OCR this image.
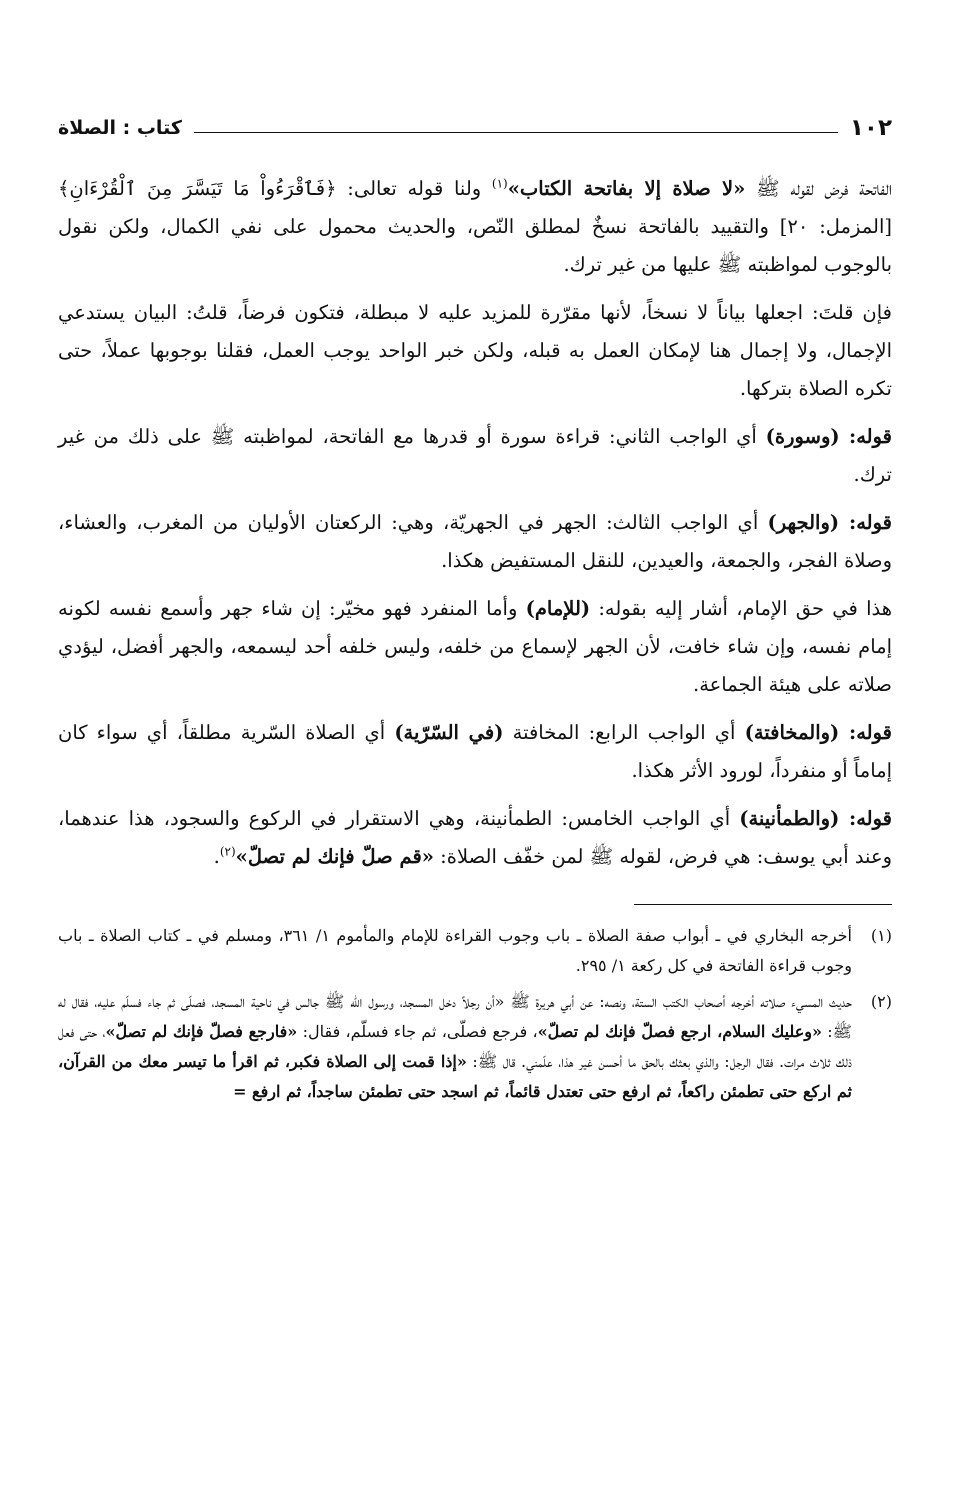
١٠٢
كتاب : الصلاة

الفاتحة فرض لقوله ﷺ «لا صلاة إلا بفاتحة الكتاب»$^{(١)}$ ولنا قوله تعالى: ﴿فَٱقْرَءُواْ مَا تَيَسَّرَ مِنَ ٱلْقُرْءَانِ﴾ [المزمل: ٢٠] والتقييد بالفاتحة نسخٌ لمطلق النّص، والحديث محمول على نفي الكمال، ولكن نقول بالوجوب لمواظبته ﷺ عليها من غير ترك.

فإن قلتَ: اجعلها بياناً لا نسخاً، لأنها مقرّرة للمزيد عليه لا مبطلة، فتكون فرضاً، قلتُ: البيان يستدعي الإجمال، ولا إجمال هنا لإمكان العمل به قبله، ولكن خبر الواحد يوجب العمل، فقلنا بوجوبها عملاً، حتى تكره الصلاة بتركها.

قوله: (وسورة) أي الواجب الثاني: قراءة سورة أو قدرها مع الفاتحة، لمواظبته ﷺ على ذلك من غير ترك.

قوله: (والجهر) أي الواجب الثالث: الجهر في الجهريّة، وهي: الركعتان الأوليان من المغرب، والعشاء، وصلاة الفجر، والجمعة، والعيدين، للنقل المستفيض هكذا.

هذا في حق الإمام، أشار إليه بقوله: (للإمام) وأما المنفرد فهو مخيّر: إن شاء جهر وأسمع نفسه لكونه إمام نفسه، وإن شاء خافت، لأن الجهر لإسماع من خلفه، وليس خلفه أحد ليسمعه، والجهر أفضل، ليؤدي صلاته على هيئة الجماعة.

قوله: (والمخافتة) أي الواجب الرابع: المخافتة (في السّرّية) أي الصلاة السّرية مطلقاً، أي سواء كان إماماً أو منفرداً، لورود الأثر هكذا.

قوله: (والطمأنينة) أي الواجب الخامس: الطمأنينة، وهي الاستقرار في الركوع والسجود، هذا عندهما، وعند أبي يوسف: هي فرض، لقوله ﷺ لمن خفّف الصلاة: «قم صلّ فإنك لم تصلّ»$^{(٢)}$.

(١)

أخرجه البخاري في ـ أبواب صفة الصلاة ـ باب وجوب القراءة للإمام والمأموم ١/ ٣٦١، ومسلم في ـ كتاب الصلاة ـ باب وجوب قراءة الفاتحة في كل ركعة ١/ ٢٩٥.

(٢)

حديث المسيء صلاته أخرجه أصحاب الكتب الستة، ونصه: عن أبي هريرة ﷺ «أن رجلاً دخل المسجد، ورسول الله ﷺ جالس في ناحية المسجد، فصلّى ثم جاء فسلّم عليه، فقال له ﷺ: «وعليك السلام، ارجع فصلّ فإنك لم تصلّ»، فرجع فصلّى، ثم جاء فسلّم، فقال: «فارجع فصلّ فإنك لم تصلّ»، حتى فعل ذلك ثلاث مرات. فقال الرجل: والذي بعثك بالحق ما أحسن غير هذا، علّمني. قال ﷺ: «إذا قمت إلى الصلاة فكبر، ثم اقرأ ما تيسر معك من القرآن، ثم اركع حتى تطمئن راكعاً، ثم ارفع حتى تعتدل قائماً، ثم اسجد حتى تطمئن ساجداً، ثم ارفع =
